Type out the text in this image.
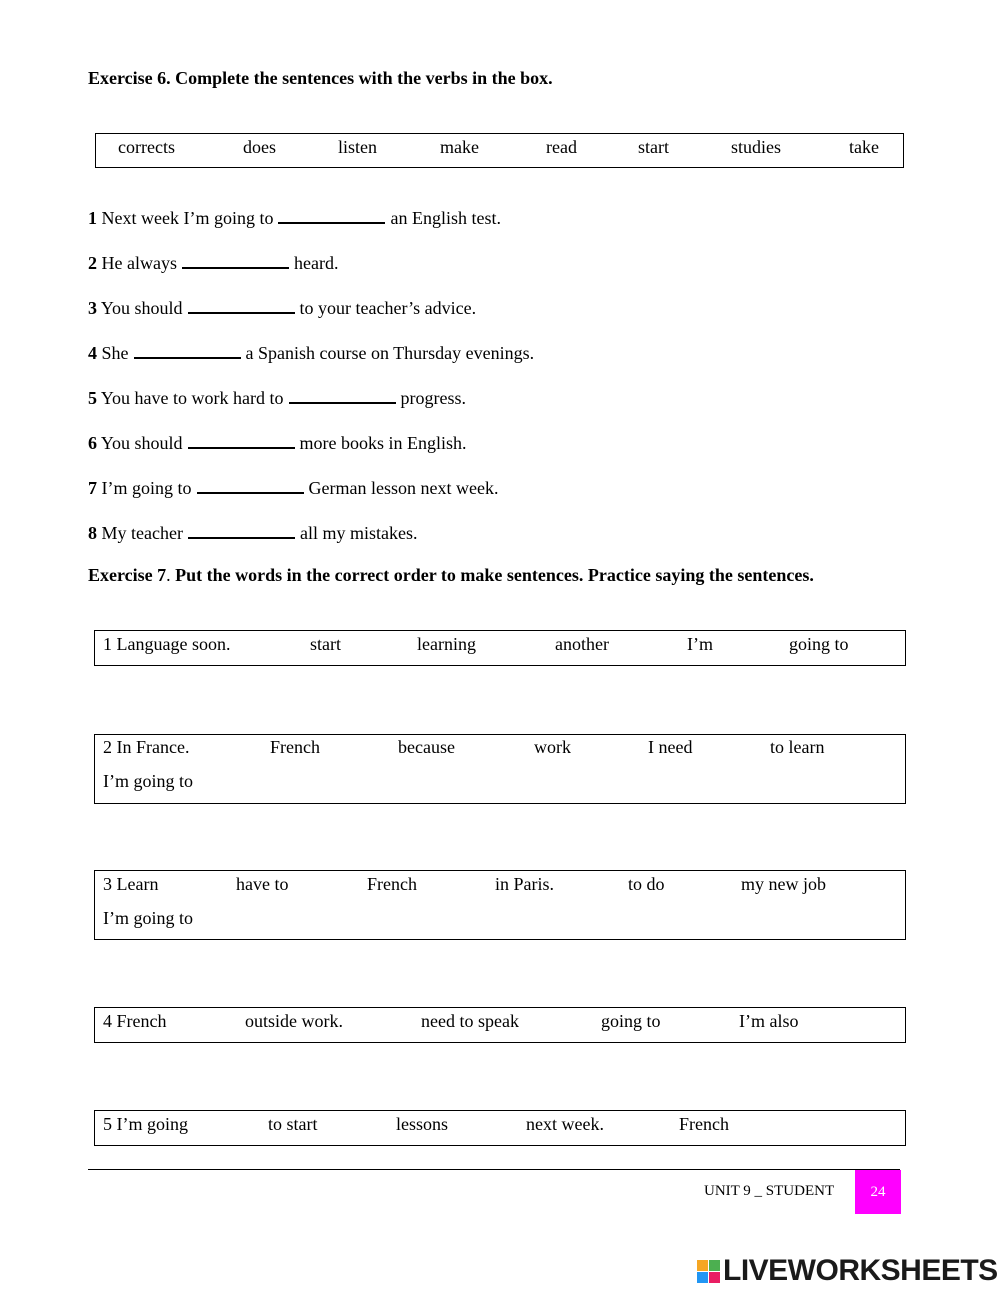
Exercise 6. Complete the sentences with the verbs in the box.
corrects	does	listen	make	read	start	studies	take
1 Next week I’m going to	an English test.
2 He always	heard.
3 You should	to your teacher’s advice.
4 She	a Spanish course on Thursday evenings.
5 You have to work hard to	progress.
6 You should	more books in English.
7 I’m going to	German lesson next week.
8 My teacher	all my mistakes.
Exercise 7. Put the words in the correct order to make sentences. Practice saying the sentences.
1 Language soon.	start	learning	another	I’m	going to
2 In France.	French	because	work	I need	to learn
I’m going to
3 Learn	have to	French	in Paris.	to do	my new job
I’m going to
4 French	outside work.	need to speak	going to	I’m also
5 I’m going	to start	lessons	next week.	French
UNIT 9 _ STUDENT	24
LIVEWORKSHEETS
